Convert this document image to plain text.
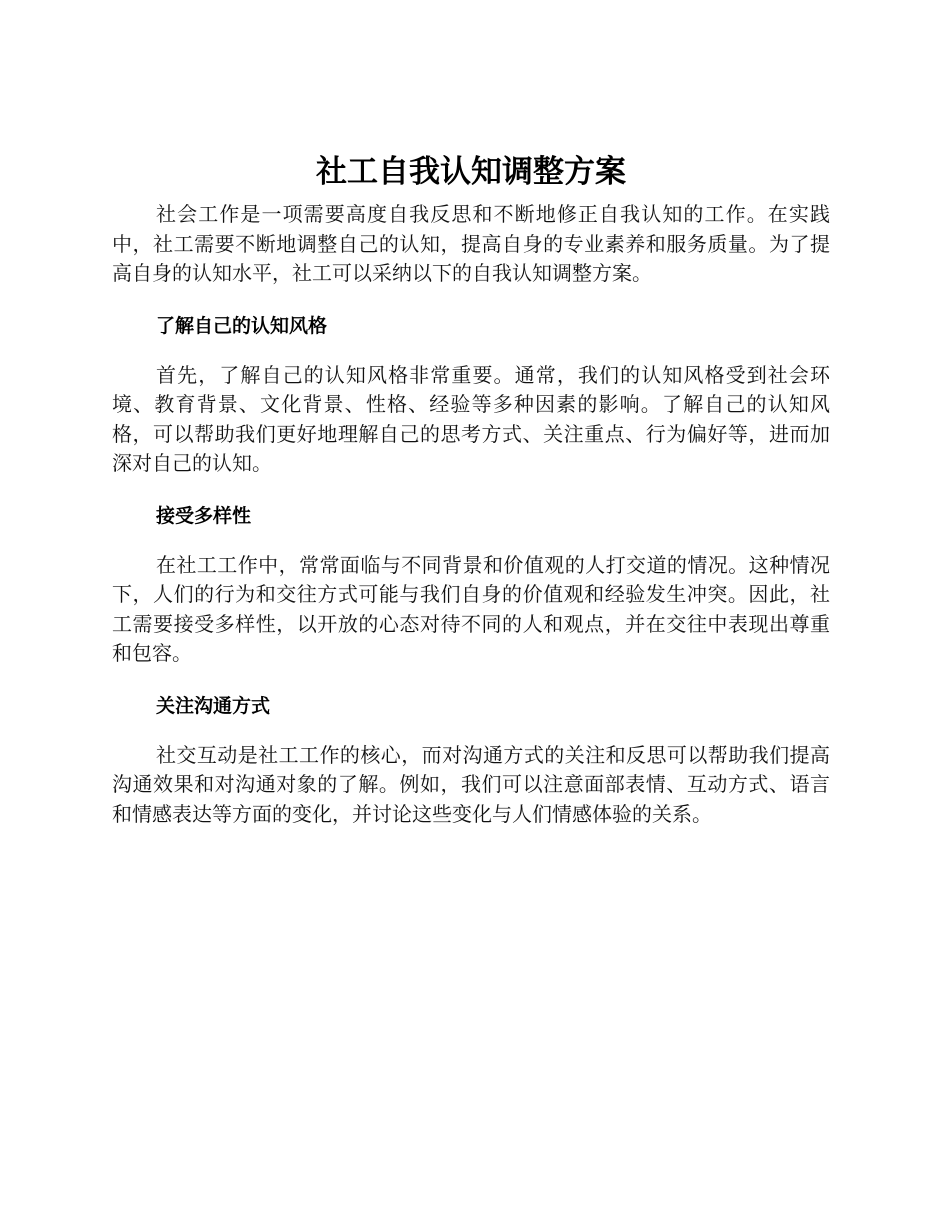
社工自我认知调整方案

社会工作是一项需要高度自我反思和不断地修正自我认知的工作。在实践中，社工需要不断地调整自己的认知，提高自身的专业素养和服务质量。为了提高自身的认知水平，社工可以采纳以下的自我认知调整方案。

了解自己的认知风格

首先，了解自己的认知风格非常重要。通常，我们的认知风格受到社会环境、教育背景、文化背景、性格、经验等多种因素的影响。了解自己的认知风格，可以帮助我们更好地理解自己的思考方式、关注重点、行为偏好等，进而加深对自己的认知。

接受多样性

在社工工作中，常常面临与不同背景和价值观的人打交道的情况。这种情况下，人们的行为和交往方式可能与我们自身的价值观和经验发生冲突。因此，社工需要接受多样性，以开放的心态对待不同的人和观点，并在交往中表现出尊重和包容。

关注沟通方式

社交互动是社工工作的核心，而对沟通方式的关注和反思可以帮助我们提高沟通效果和对沟通对象的了解。例如，我们可以注意面部表情、互动方式、语言和情感表达等方面的变化，并讨论这些变化与人们情感体验的关系。
